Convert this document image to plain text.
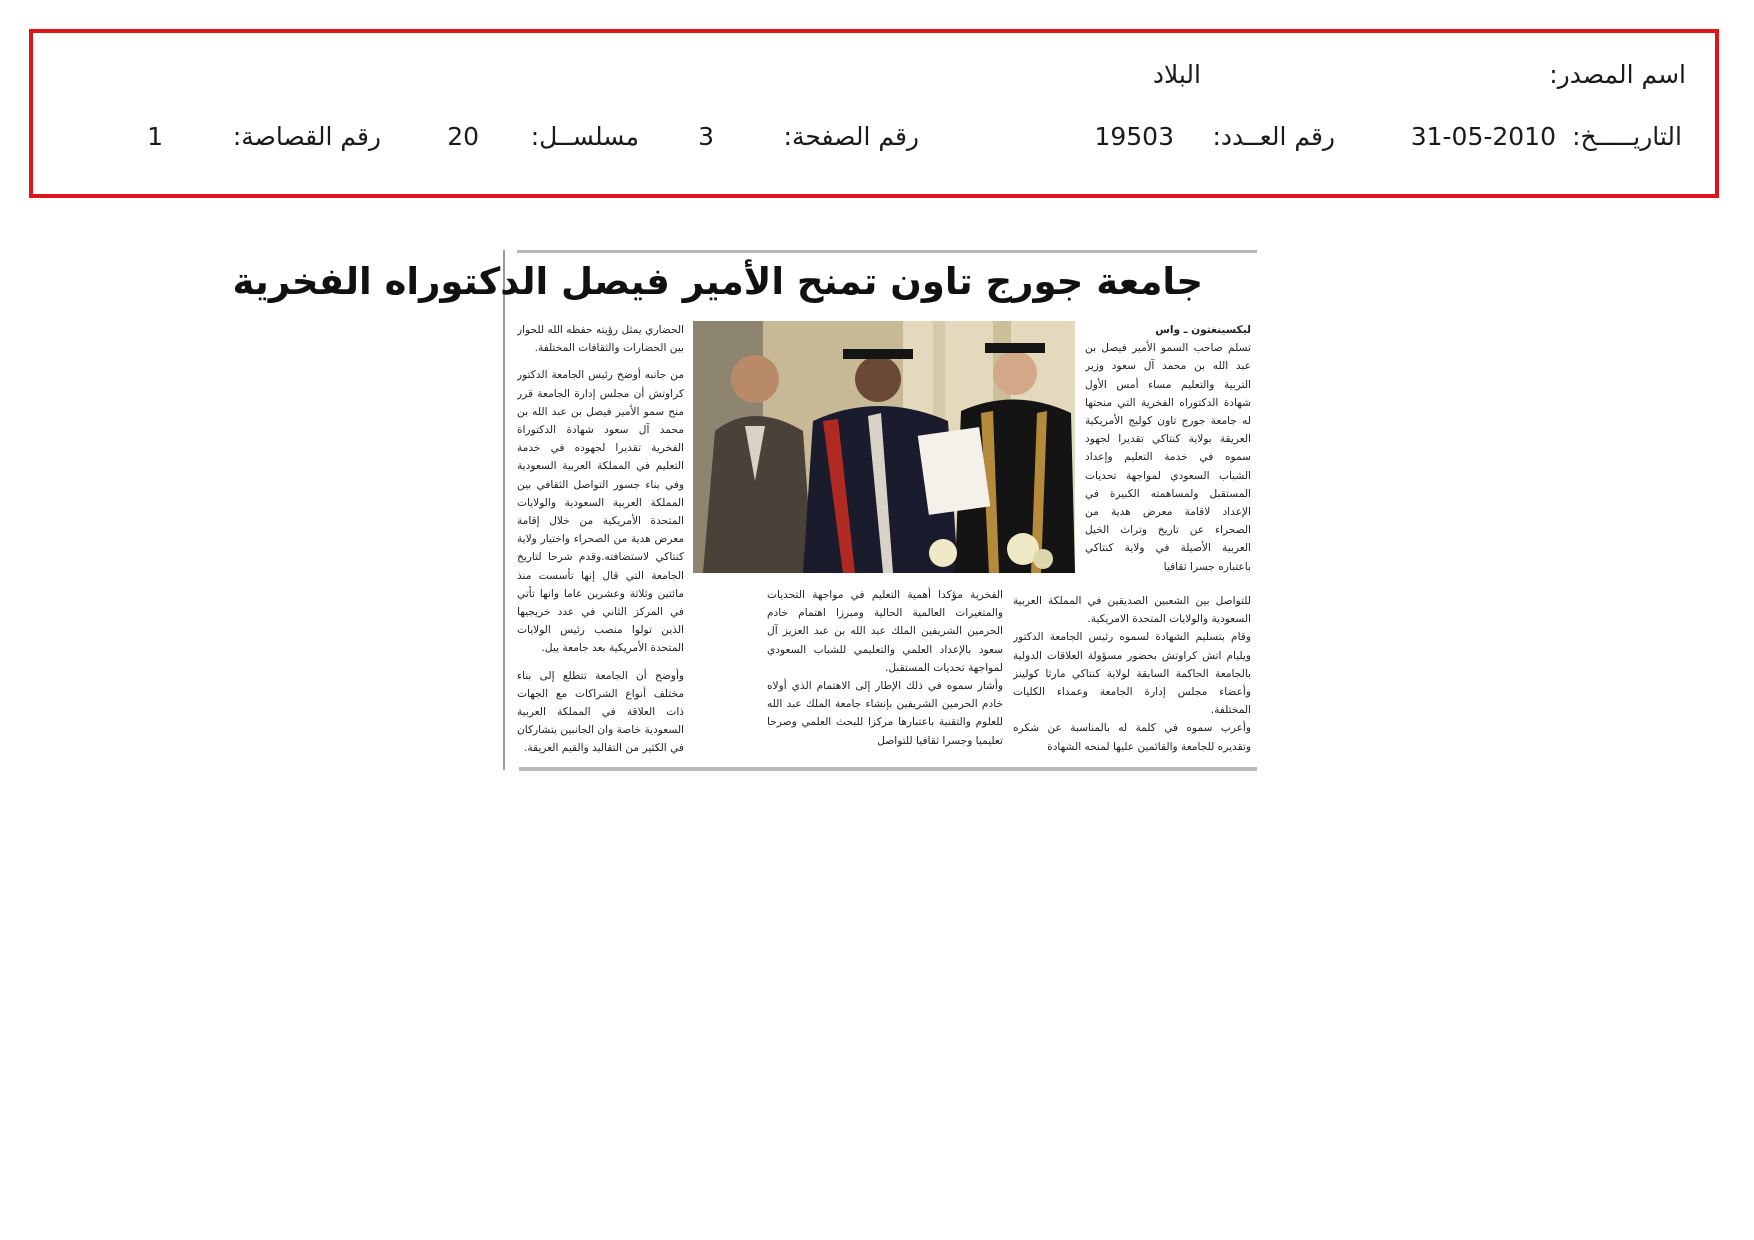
اسم المصدر:
البلاد
التاريـــــخ:
31-05-2010
رقم العــدد:
19503
رقم الصفحة:
3
مسلســل:
20
رقم القصاصة:
1
جامعة جورج تاون تمنح الأمير فيصل الدكتوراه الفخرية

ليكسينغتون ـ واس

تسلم صاحب السمو الأمير فيصل بن عبد الله بن محمد آل سعود وزير التربية والتعليم مساء أمس الأول شهادة الدكتوراه الفخرية التي منحتها له جامعة جورج تاون كوليج الأمريكية العريقة بولاية كنتاكي تقديرا لجهود سموه في خدمة التعليم وإعداد الشباب السعودي لمواجهة تحديات المستقبل ولمساهمته الكبيرة في الإعداد لاقامة معرض هدية من الصحراء عن تاريخ وتراث الخيل العربية الأصيلة في ولاية كنتاكي باعتباره جسرا ثقافيا

الحضاري يمثل رؤيته حفظه الله للحوار بين الحضارات والثقافات المختلفة.

من جانبه أوضح رئيس الجامعة الدكتور كراوتش أن مجلس إدارة الجامعة قرر منح سمو الأمير فيصل بن عبد الله بن محمد آل سعود شهادة الدكتوراة الفخرية تقديرا لجهوده في خدمة التعليم في المملكة العربية السعودية وفي بناء جسور التواصل الثقافي بين المملكة العربية السعودية والولايات المتحدة الأمريكية من خلال إقامة معرض هدية من الصحراء واختيار ولاية كنتاكي لاستضافته.وقدم شرحا لتاريخ الجامعة التي قال إنها تأسست منذ مائتين وثلاثة وعشرين عاما وانها تأتي في المركز الثاني في عدد خريجيها الذين تولوا منصب رئيس الولايات المتحدة الأمريكية بعد جامعة ييل.

وأوضح أن الجامعة تتطلع إلى بناء مختلف أنواع الشراكات مع الجهات ذات العلاقة في المملكة العربية السعودية خاصة وان الجانبين يتشاركان في الكثير من التقاليد والقيم العريقة.

للتواصل بين الشعبين الصديقين في المملكة العربية السعودية والولايات المتحدة الامريكية.

وقام بتسليم الشهادة لسموه رئيس الجامعة الدكتور ويليام اتش كراوتش بحضور مسؤولة العلاقات الدولية بالجامعة الحاكمة السابقة لولاية كنتاكي مارثا كولينز وأعضاء مجلس إدارة الجامعة وعمداء الكليات المختلفة.

وأعرب سموه في كلمة له بالمناسبة عن شكره وتقديره للجامعة والقائمين عليها لمنحه الشهادة

الفخرية مؤكدا أهمية التعليم في مواجهة التحديات والمتغيرات العالمية الحالية ومبرزا اهتمام خادم الحرمين الشريفين الملك عبد الله بن عبد العزيز آل سعود بالإعداد العلمي والتعليمي للشباب السعودي لمواجهة تحديات المستقبل.

وأشار سموه في ذلك الإطار إلى الاهتمام الذي أولاه خادم الحرمين الشريفين بإنشاء جامعة الملك عبد الله للعلوم والتقنية باعتبارها مركزا للبحث العلمي وصرحا تعليميا وجسرا ثقافيا للتواصل
